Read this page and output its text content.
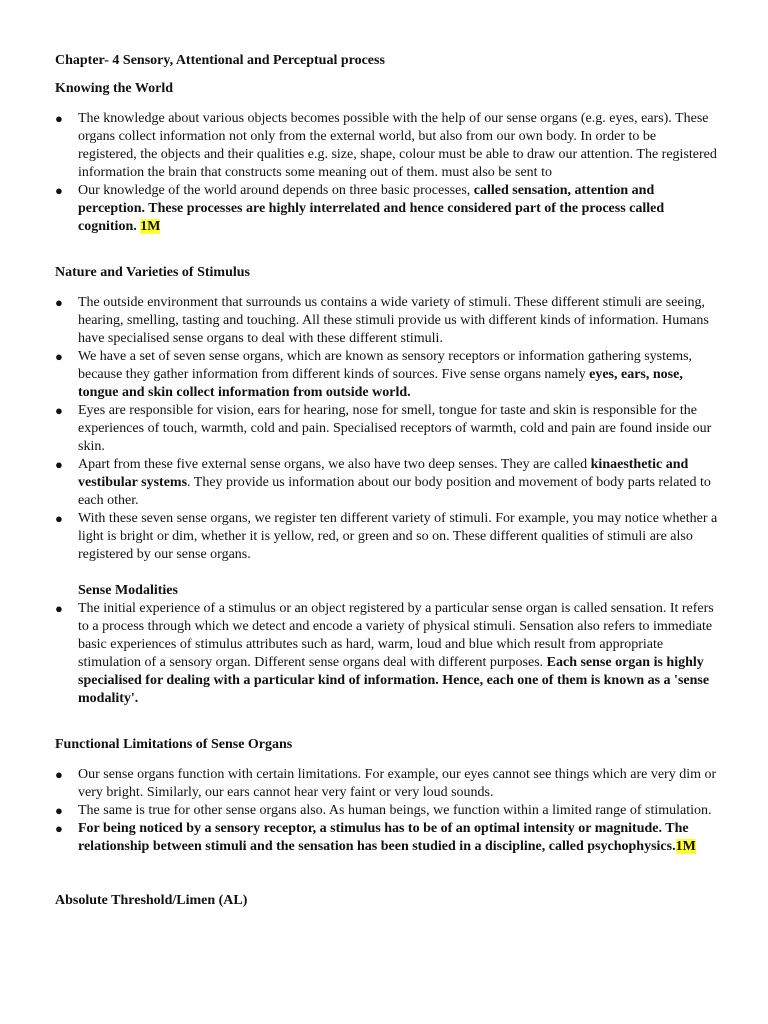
Chapter- 4 Sensory, Attentional and Perceptual process

Knowing the World

● The knowledge about various objects becomes possible with the help of our sense organs (e.g. eyes, ears). These organs collect information not only from the external world, but also from our own body. In order to be registered, the objects and their qualities e.g. size, shape, colour must be able to draw our attention. The registered information the brain that constructs some meaning out of them. must also be sent to
● Our knowledge of the world around depends on three basic processes, called sensation, attention and perception. These processes are highly interrelated and hence considered part of the process called cognition. 1M

Nature and Varieties of Stimulus

● The outside environment that surrounds us contains a wide variety of stimuli. These different stimuli are seeing, hearing, smelling, tasting and touching. All these stimuli provide us with different kinds of information. Humans have specialised sense organs to deal with these different stimuli.
● We have a set of seven sense organs, which are known as sensory receptors or information gathering systems, because they gather information from different kinds of sources. Five sense organs namely eyes, ears, nose, tongue and skin collect information from outside world.
● Eyes are responsible for vision, ears for hearing, nose for smell, tongue for taste and skin is responsible for the experiences of touch, warmth, cold and pain. Specialised receptors of warmth, cold and pain are found inside our skin.
● Apart from these five external sense organs, we also have two deep senses. They are called kinaesthetic and vestibular systems. They provide us information about our body position and movement of body parts related to each other.
● With these seven sense organs, we register ten different variety of stimuli. For example, you may notice whether a light is bright or dim, whether it is yellow, red, or green and so on. These different qualities of stimuli are also registered by our sense organs.

Sense Modalities

● The initial experience of a stimulus or an object registered by a particular sense organ is called sensation. It refers to a process through which we detect and encode a variety of physical stimuli. Sensation also refers to immediate basic experiences of stimulus attributes such as hard, warm, loud and blue which result from appropriate stimulation of a sensory organ. Different sense organs deal with different purposes. Each sense organ is highly specialised for dealing with a particular kind of information. Hence, each one of them is known as a 'sense modality'.

Functional Limitations of Sense Organs

● Our sense organs function with certain limitations. For example, our eyes cannot see things which are very dim or very bright. Similarly, our ears cannot hear very faint or very loud sounds.
● The same is true for other sense organs also. As human beings, we function within a limited range of stimulation.
● For being noticed by a sensory receptor, a stimulus has to be of an optimal intensity or magnitude. The relationship between stimuli and the sensation has been studied in a discipline, called psychophysics.1M

Absolute Threshold/Limen (AL)
